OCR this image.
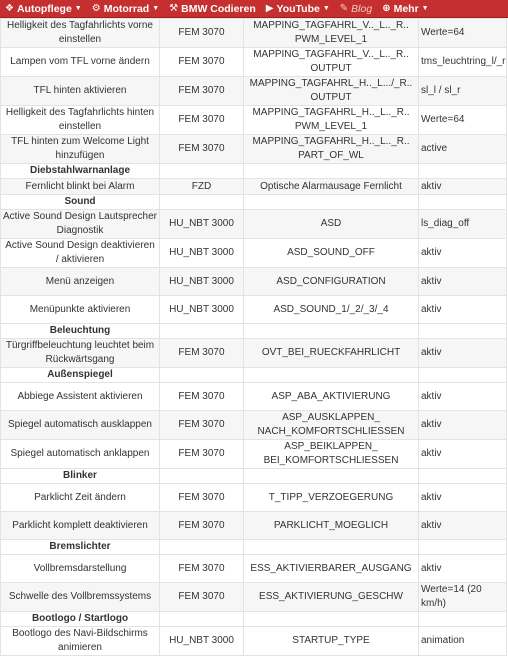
❖ Autopflege ▼ ⚙ Motorrad ▼ ⚒ BMW Codieren ▶ YouTube ▼ ✎ Blog ⊕ Mehr ▼
Helligkeit des Tagfahrlichts vorne einstellen	FEM 3070	MAPPING_TAGFAHRL_V.._L.._R.. PWM_LEVEL_1	Werte=64
Lampen vom TFL vorne ändern	FEM 3070	MAPPING_TAGFAHRL_V.._L.._R.. OUTPUT	tms_leuchtring_l/_r
TFL hinten aktivieren	FEM 3070	MAPPING_TAGFAHRL_H.._L.../_R.. OUTPUT	sl_l / sl_r
Helligkeit des Tagfahrlichts hinten einstellen	FEM 3070	MAPPING_TAGFAHRL_H.._L.._R.. PWM_LEVEL_1	Werte=64
TFL hinten zum Welcome Light hinzufügen	FEM 3070	MAPPING_TAGFAHRL_H.._L.._R.. PART_OF_WL	active
Diebstahlwarnanlage			
Fernlicht blinkt bei Alarm	FZD	Optische Alarmausage Fernlicht	aktiv
Sound			
Active Sound Design Lautsprecher Diagnostik	HU_NBT 3000	ASD	ls_diag_off
Active Sound Design deaktivieren / aktivieren	HU_NBT 3000	ASD_SOUND_OFF	aktiv
Menü anzeigen	HU_NBT 3000	ASD_CONFIGURATION	aktiv
Menüpunkte aktivieren	HU_NBT 3000	ASD_SOUND_1/_2/_3/_4	aktiv
Beleuchtung			
Türgriffbeleuchtung leuchtet beim Rückwärtsgang	FEM 3070	OVT_BEI_RUECKFAHRLICHT	aktiv
Außenspiegel			
Abbiege Assistent aktivieren	FEM 3070	ASP_ABA_AKTIVIERUNG	aktiv
Spiegel automatisch ausklappen	FEM 3070	ASP_AUSKLAPPEN_ NACH_KOMFORTSCHLIESSEN	aktiv
Spiegel automatisch anklappen	FEM 3070	ASP_BEIKLAPPEN_ BEI_KOMFORTSCHLIESSEN	aktiv
Blinker			
Parklicht Zeit ändern	FEM 3070	T_TIPP_VERZOEGERUNG	aktiv
Parklicht komplett deaktivieren	FEM 3070	PARKLICHT_MOEGLICH	aktiv
Bremslichter			
Vollbremsdarstellung	FEM 3070	ESS_AKTIVIERBARER_AUSGANG	aktiv
Schwelle des Vollbremssystems	FEM 3070	ESS_AKTIVIERUNG_GESCHW	Werte=14 (20 km/h)
Bootlogo / Startlogo			
Bootlogo des Navi-Bildschirms animieren	HU_NBT 3000	STARTUP_TYPE	animation
